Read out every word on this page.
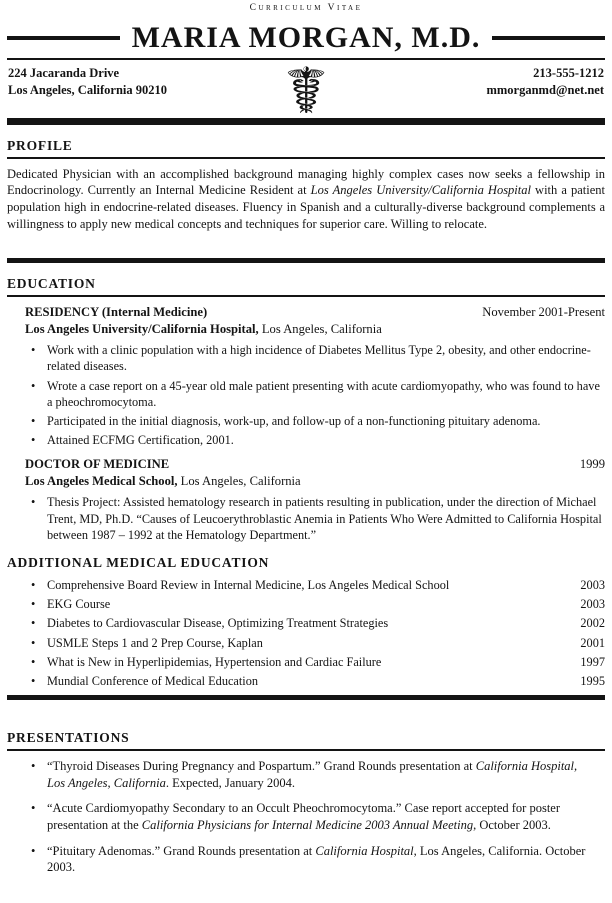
Curriculum Vitae
MARIA MORGAN, M.D.
224 Jacaranda Drive
Los Angeles, California 90210 ☤	213-555-1212
mmorganmd@net.net
PROFILE

Dedicated Physician with an accomplished background managing highly complex cases now seeks a fellowship in Endocrinology. Currently an Internal Medicine Resident at Los Angeles University/California Hospital with a patient population high in endocrine-related diseases. Fluency in Spanish and a culturally-diverse background complements a willingness to apply new medical concepts and techniques for superior care. Willing to relocate.

EDUCATION
RESIDENCY (Internal Medicine)	November 2001-Present
Los Angeles University/California Hospital, Los Angeles, California
• Work with a clinic population with a high incidence of Diabetes Mellitus Type 2, obesity, and other endocrine-related diseases.
• Wrote a case report on a 45-year old male patient presenting with acute cardiomyopathy, who was found to have a pheochromocytoma.
• Participated in the initial diagnosis, work-up, and follow-up of a non-functioning pituitary adenoma.
• Attained ECFMG Certification, 2001.
DOCTOR OF MEDICINE	1999
Los Angeles Medical School, Los Angeles, California
• Thesis Project: Assisted hematology research in patients resulting in publication, under the direction of Michael Trent, MD, Ph.D. “Causes of Leucoerythroblastic Anemia in Patients Who Were Admitted to California Hospital between 1987 – 1992 at the Hematology Department.”
ADDITIONAL MEDICAL EDUCATION
• Comprehensive Board Review in Internal Medicine, Los Angeles Medical School	2003
• EKG Course	2003
• Diabetes to Cardiovascular Disease, Optimizing Treatment Strategies	2002
• USMLE Steps 1 and 2 Prep Course, Kaplan	2001
• What is New in Hyperlipidemias, Hypertension and Cardiac Failure	1997
• Mundial Conference of Medical Education	1995
PRESENTATIONS
• “Thyroid Diseases During Pregnancy and Pospartum.” Grand Rounds presentation at California Hospital, Los Angeles, California. Expected, January 2004.
• “Acute Cardiomyopathy Secondary to an Occult Pheochromocytoma.” Case report accepted for poster presentation at the California Physicians for Internal Medicine 2003 Annual Meeting, October 2003.
• “Pituitary Adenomas.” Grand Rounds presentation at California Hospital, Los Angeles, California. October 2003.
